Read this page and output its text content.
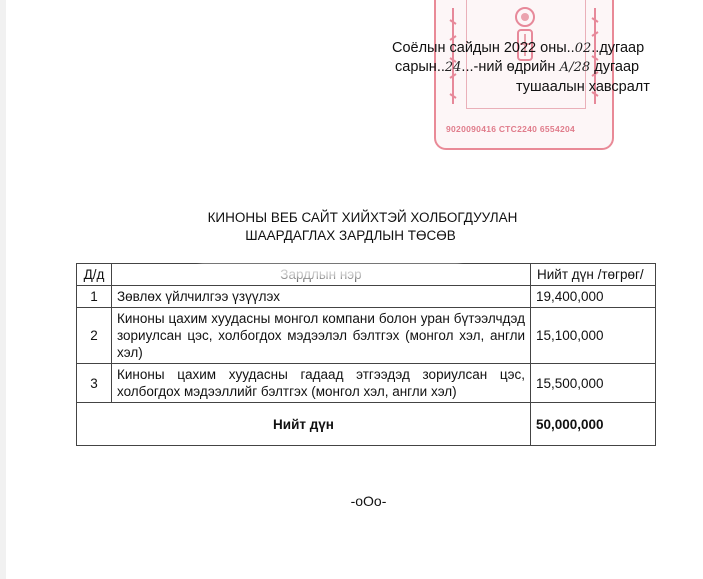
9020090416 СТС2240 6554204
Соёлын сайдын 2022 оны..02..дугаар
сарын..24...-ний өдрийн А/28 дугаар
тушаалын хавсралт
КИНОНЫ ВЕБ САЙТ ХИЙХТЭЙ ХОЛБОГДУУЛАН
ШААРДАГЛАХ ЗАРДЛЫН ТӨСӨВ
Д/д		Нийт дүн /төгрөг/
1	Зөвлөх үйлчилгээ үзүүлэх	19,400,000
2	Киноны цахим хуудасны монгол компани болон уран бүтээлчдэд зориулсан цэс, холбогдох мэдээлэл бэлтгэх (монгол хэл, англи хэл)	15,100,000
3	Киноны цахим хуудасны гадаад этгээдэд зориулсан цэс, холбогдох мэдээллийг бэлтгэх (монгол хэл, англи хэл)	15,500,000
Нийт дүн		50,000,000
-оОо-
